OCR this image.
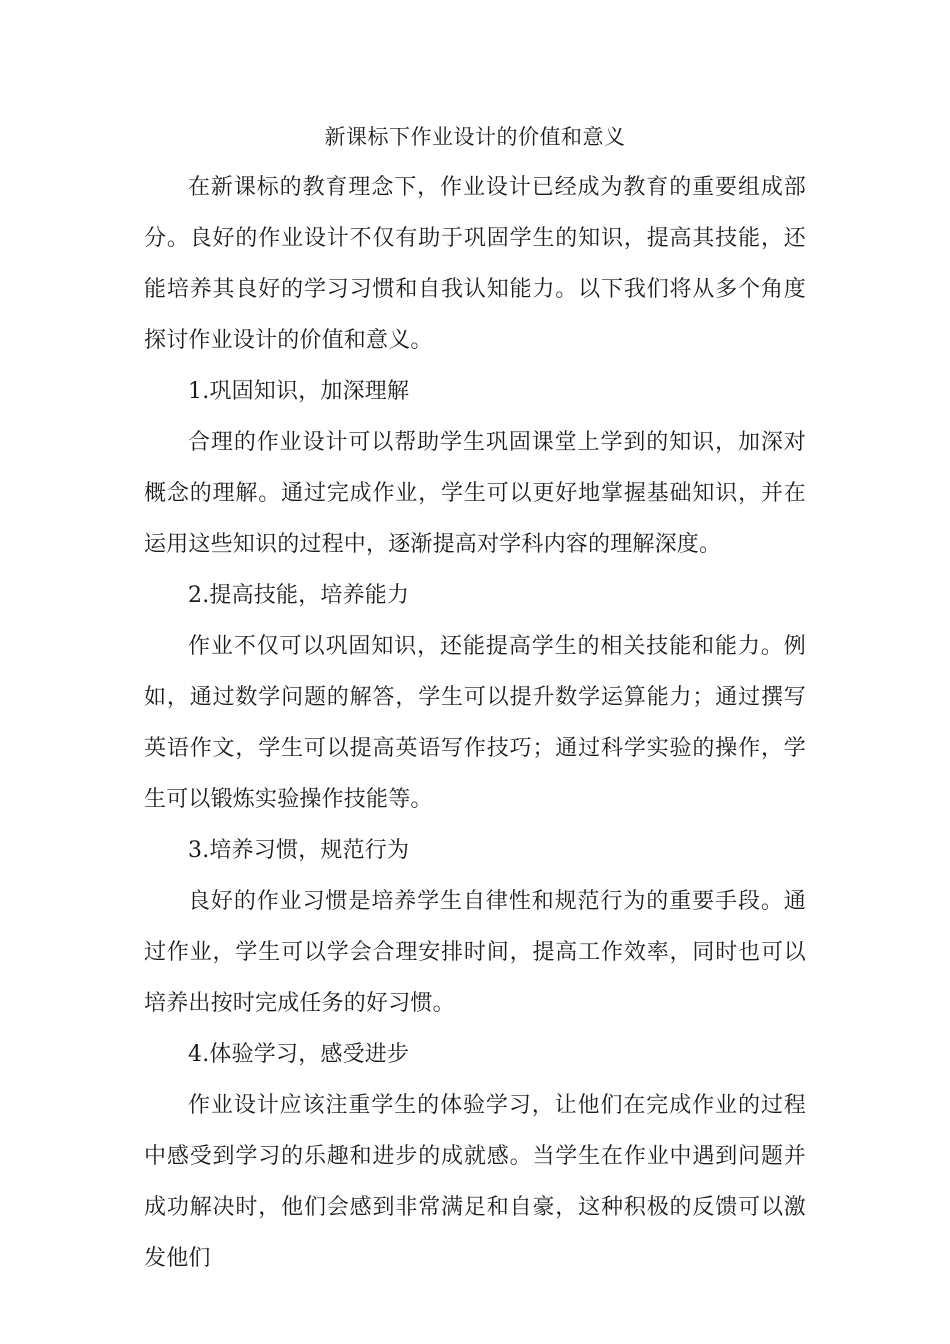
新课标下作业设计的价值和意义

在新课标的教育理念下，作业设计已经成为教育的重要组成部分。良好的作业设计不仅有助于巩固学生的知识，提高其技能，还能培养其良好的学习习惯和自我认知能力。以下我们将从多个角度探讨作业设计的价值和意义。

1.巩固知识，加深理解

合理的作业设计可以帮助学生巩固课堂上学到的知识，加深对概念的理解。通过完成作业，学生可以更好地掌握基础知识，并在运用这些知识的过程中，逐渐提高对学科内容的理解深度。

2.提高技能，培养能力

作业不仅可以巩固知识，还能提高学生的相关技能和能力。例如，通过数学问题的解答，学生可以提升数学运算能力；通过撰写英语作文，学生可以提高英语写作技巧；通过科学实验的操作，学生可以锻炼实验操作技能等。

3.培养习惯，规范行为

良好的作业习惯是培养学生自律性和规范行为的重要手段。通过作业，学生可以学会合理安排时间，提高工作效率，同时也可以培养出按时完成任务的好习惯。

4.体验学习，感受进步

作业设计应该注重学生的体验学习，让他们在完成作业的过程中感受到学习的乐趣和进步的成就感。当学生在作业中遇到问题并成功解决时，他们会感到非常满足和自豪，这种积极的反馈可以激发他们
